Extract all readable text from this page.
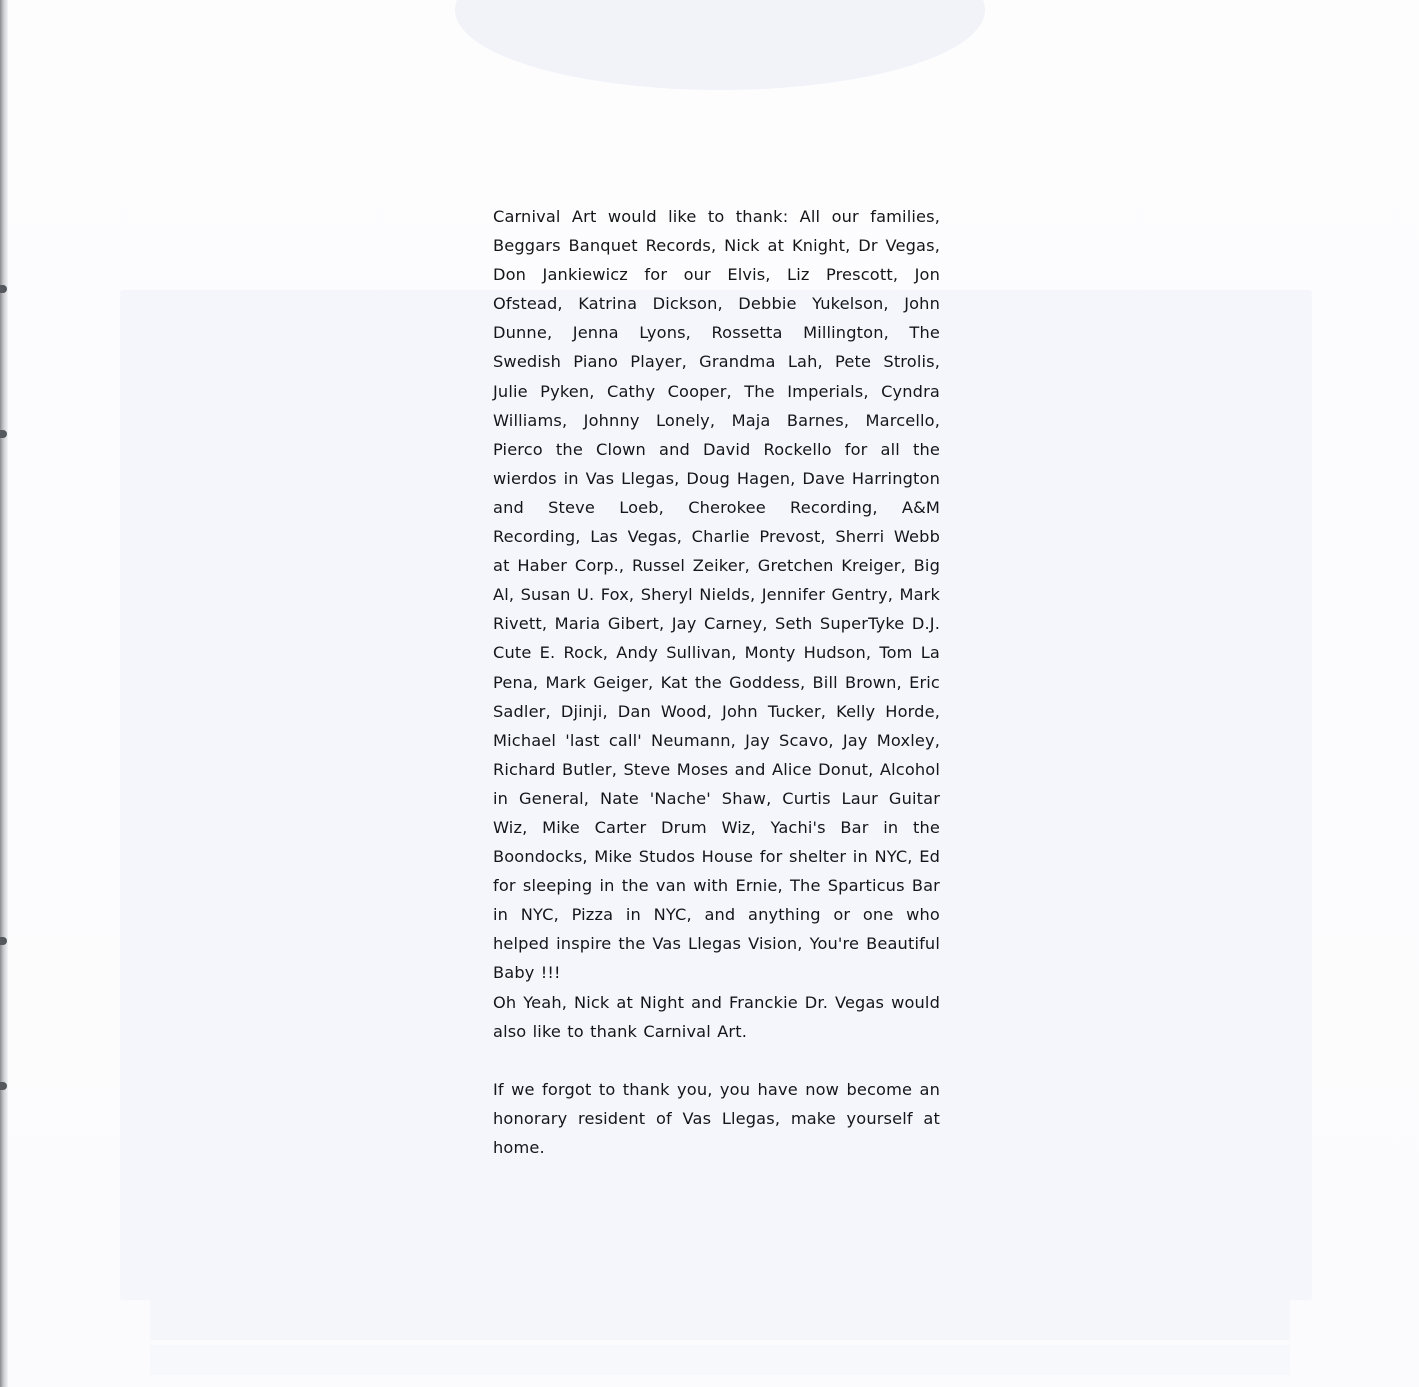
Carnival Art would like to thank: All our families, Beggars Banquet Records, Nick at Knight, Dr Vegas, Don Jankiewicz for our Elvis, Liz Prescott, Jon Ofstead, Katrina Dickson, Debbie Yukelson, John Dunne, Jenna Lyons, Rossetta Millington, The Swedish Piano Player, Grandma Lah, Pete Strolis, Julie Pyken, Cathy Cooper, The Imperials, Cyndra Williams, Johnny Lonely, Maja Barnes, Marcello, Pierco the Clown and David Rockello for all the wierdos in Vas Llegas, Doug Hagen, Dave Harrington and Steve Loeb, Cherokee Recording, A&M Recording, Las Vegas, Charlie Prevost, Sherri Webb at Haber Corp., Russel Zeiker, Gretchen Kreiger, Big Al, Susan U. Fox, Sheryl Nields, Jennifer Gentry, Mark Rivett, Maria Gibert, Jay Carney, Seth SuperTyke D.J. Cute E. Rock, Andy Sullivan, Monty Hudson, Tom La Pena, Mark Geiger, Kat the Goddess, Bill Brown, Eric Sadler, Djinji, Dan Wood, John Tucker, Kelly Horde, Michael 'last call' Neumann, Jay Scavo, Jay Moxley, Richard Butler, Steve Moses and Alice Donut, Alcohol in General, Nate 'Nache' Shaw, Curtis Laur Guitar Wiz, Mike Carter Drum Wiz, Yachi's Bar in the Boondocks, Mike Studos House for shelter in NYC, Ed for sleeping in the van with Ernie, The Sparticus Bar in NYC, Pizza in NYC, and anything or one who helped inspire the Vas Llegas Vision, You're Beautiful Baby !!!

Oh Yeah, Nick at Night and Franckie Dr. Vegas would also like to thank Carnival Art.

If we forgot to thank you, you have now become an honorary resident of Vas Llegas, make yourself at home.
